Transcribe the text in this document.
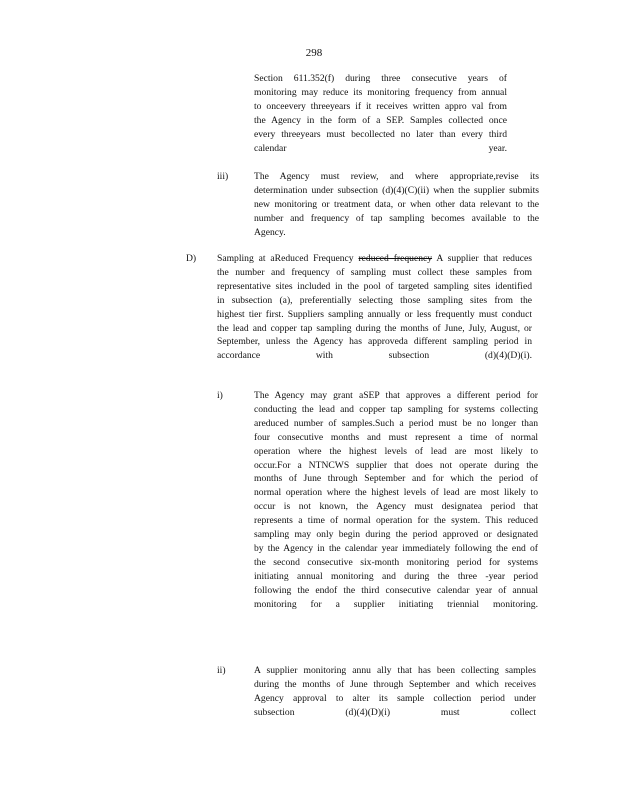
298
Section 611.352(f) during three consecutive years of monitoring may reduce its monitoring frequency from annual to onceevery threeyears if it receives written appro val from the Agency in the form of a SEP. Samples collected once every threeyears must becollected no later than every third calendar year.
iii)	The Agency must review, and where appropriate,revise its determination under subsection (d)(4)(C)(ii) when the supplier submits new monitoring or treatment data, or when other data relevant to the number and frequency of tap sampling becomes available to the Agency.
D) Sampling at aReduced Frequency reduced frequency A supplier that reduces the number and frequency of sampling must collect these samples from representative sites included in the pool of targeted sampling sites identified in subsection (a), preferentially selecting those sampling sites from the highest tier first. Suppliers sampling annually or less frequently must conduct the lead and copper tap sampling during the months of June, July, August, or September, unless the Agency has approveda different sampling period in accordance with subsection (d)(4)(D)(i).
i)	The Agency may grant aSEP that approves a different period for conducting the lead and copper tap sampling for systems collecting areduced number of samples.Such a period must be no longer than four consecutive months and must represent a time of normal operation where the highest levels of lead are most likely to occur.For a NTNCWS supplier that does not operate during the months of June through September and for which the period of normal operation where the highest levels of lead are most likely to occur is not known, the Agency must designatea period that represents a time of normal operation for the system. This reduced sampling may only begin during the period approved or designated by the Agency in the calendar year immediately following the end of the second consecutive six-month monitoring period for systems initiating annual monitoring and during the three -year period following the endof the third consecutive calendar year of annual monitoring for a supplier initiating triennial monitoring.
ii)	A supplier monitoring annu ally that has been collecting samples during the months of June through September and which receives Agency approval to alter its sample collection period under subsection (d)(4)(D)(i) must collect
